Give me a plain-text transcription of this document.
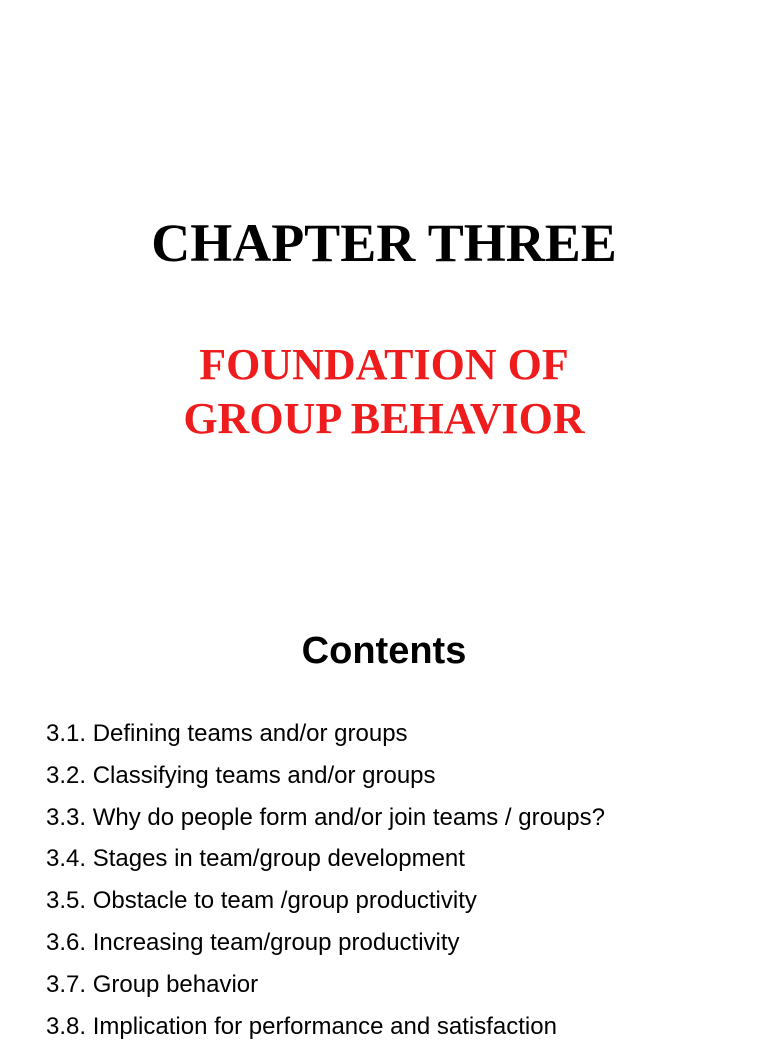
CHAPTER THREE
FOUNDATION OF
GROUP BEHAVIOR
Contents
3.1. Defining teams and/or groups
3.2. Classifying teams and/or groups
3.3. Why do people form and/or join teams / groups?
3.4. Stages in team/group development
3.5. Obstacle to team /group productivity
3.6. Increasing team/group productivity
3.7. Group behavior
3.8. Implication for performance and satisfaction
